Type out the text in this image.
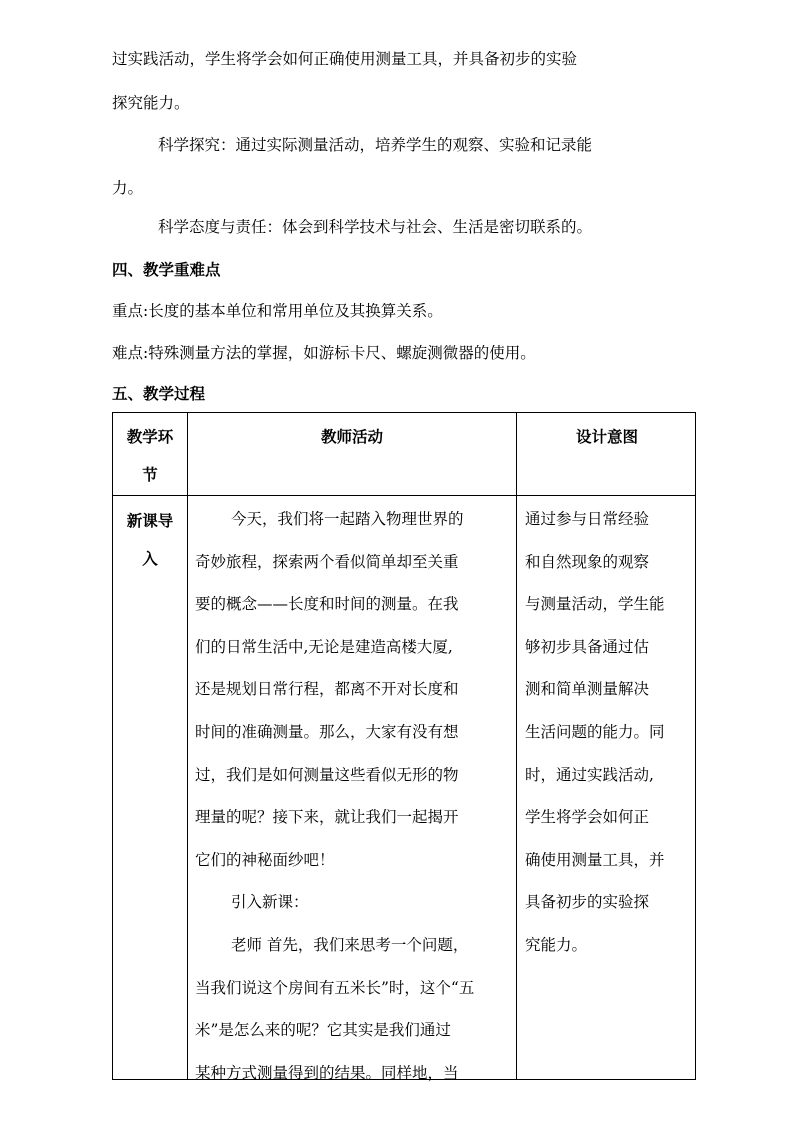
过实践活动，学生将学会如何正确使用测量工具，并具备初步的实验
探究能力。
科学探究：通过实际测量活动，培养学生的观察、实验和记录能
力。
科学态度与责任：体会到科学技术与社会、生活是密切联系的。
四、教学重难点
重点:长度的基本单位和常用单位及其换算关系。
难点:特殊测量方法的掌握，如游标卡尺、螺旋测微器的使用。
五、教学过程
教学环
节
教师活动	设计意图
新课导
入
今天，我们将一起踏入物理世界的
奇妙旅程，探索两个看似简单却至关重
要的概念——长度和时间的测量。在我
们的日常生活中,无论是建造高楼大厦,
还是规划日常行程，都离不开对长度和
时间的准确测量。那么，大家有没有想
过，我们是如何测量这些看似无形的物
理量的呢？接下来，就让我们一起揭开
它们的神秘面纱吧！
引入新课：
老师 首先，我们来思考一个问题，
当我们说这个房间有五米长”时，这个“五
米”是怎么来的呢？它其实是我们通过
某种方式测量得到的结果。同样地，当
通过参与日常经验
和自然现象的观察
与测量活动，学生能
够初步具备通过估
测和简单测量解决
生活问题的能力。同
时，通过实践活动,
学生将学会如何正
确使用测量工具，并
具备初步的实验探
究能力。
